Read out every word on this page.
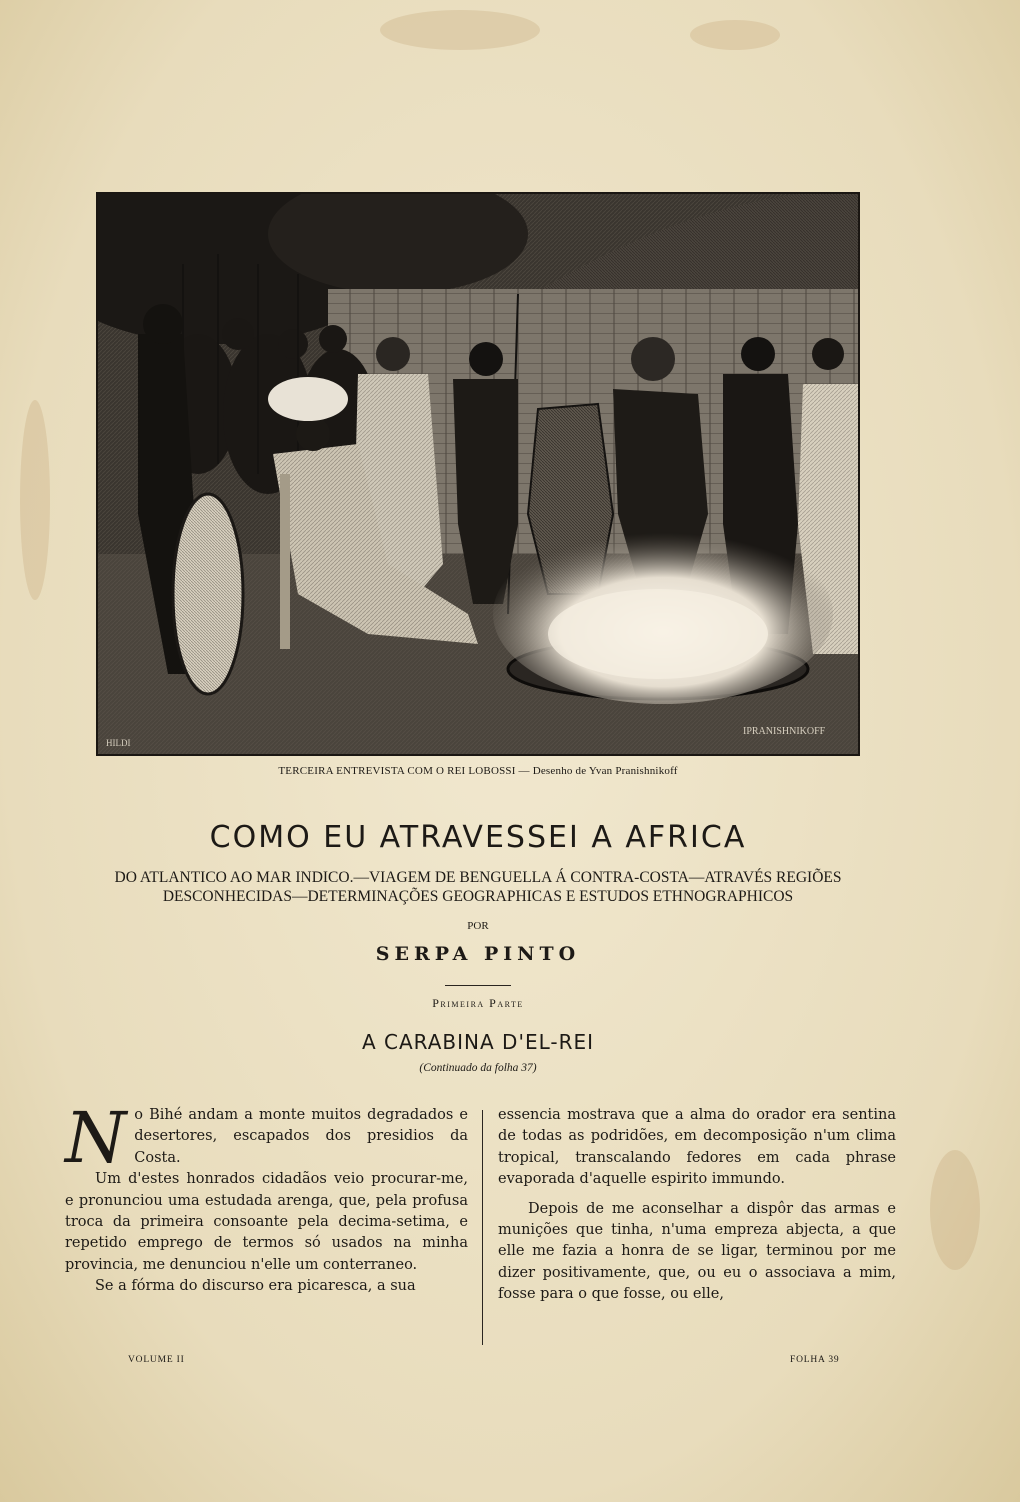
HILDI
IPRANISHNIKOFF
TERCEIRA ENTREVISTA COM O REI LOBOSSI — Desenho de Yvan Pranishnikoff
COMO EU ATRAVESSEI A AFRICA
DO ATLANTICO AO MAR INDICO.—VIAGEM DE BENGUELLA Á CONTRA-COSTA—ATRAVÉS REGIÕES
DESCONHECIDAS—DETERMINAÇÕES GEOGRAPHICAS E ESTUDOS ETHNOGRAPHICOS
POR
SERPA PINTO
Primeira Parte
A CARABINA D'EL-REI
(Continuado da folha 37)

No Bihé andam a monte muitos degradados e desertores, escapados dos presidios da Costa.

Um d'estes honrados cidadãos veio procurar-me, e pronunciou uma estudada arenga, que, pela profusa troca da primeira consoante pela decima-setima, e repetido emprego de termos só usados na minha provincia, me denunciou n'elle um conterraneo.

Se a fórma do discurso era picaresca, a sua

essencia mostrava que a alma do orador era sentina de todas as podridões, em decomposição n'um clima tropical, transcalando fedores em cada phrase evaporada d'aquelle espirito immundo.

Depois de me aconselhar a dispôr das armas e munições que tinha, n'uma empreza abjecta, a que elle me fazia a honra de se ligar, terminou por me dizer positivamente, que, ou eu o associava a mim, fosse para o que fosse, ou elle,

VOLUME II	FOLHA 39
